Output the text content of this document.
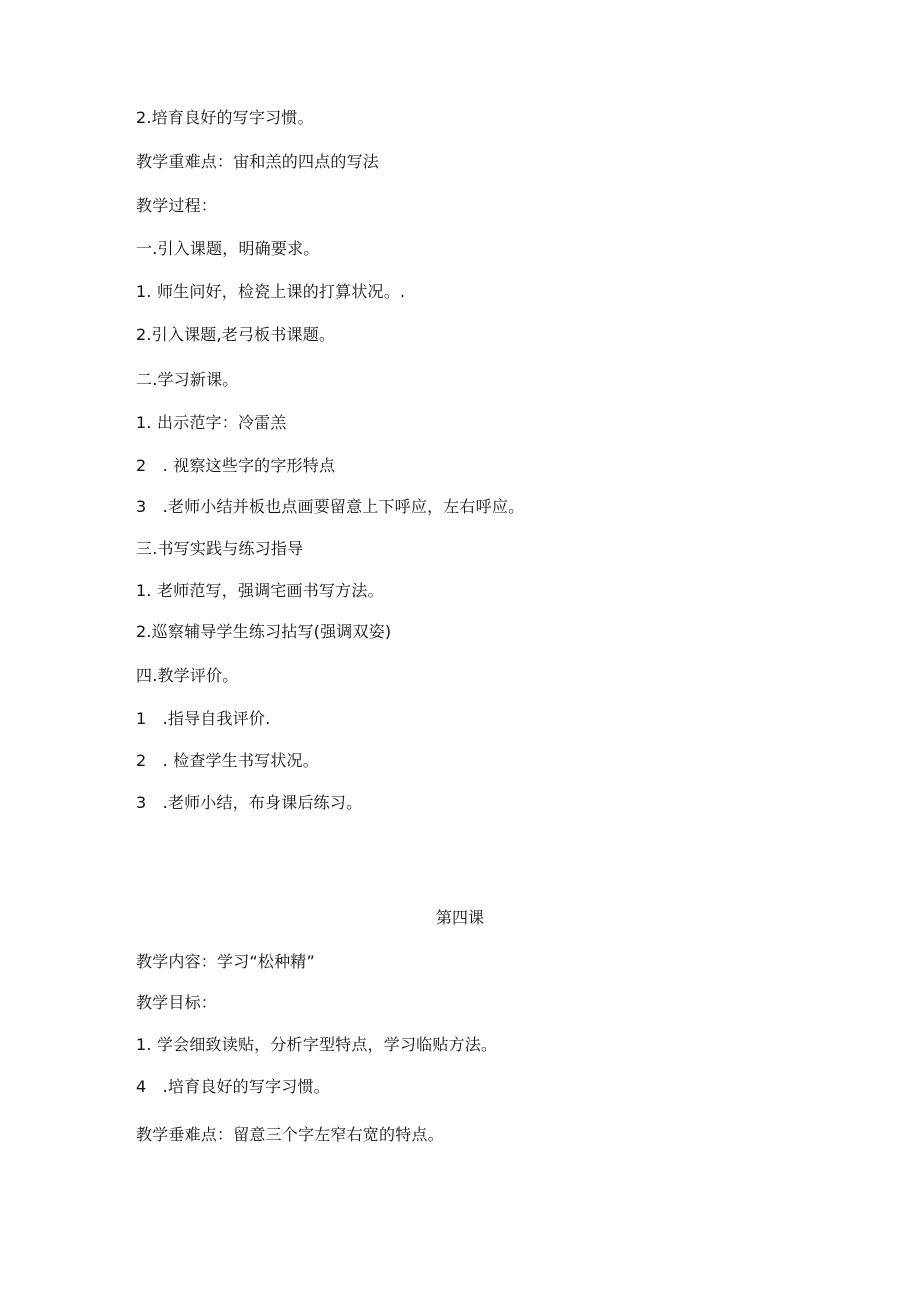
2.培育良好的写字习惯。
教学重难点：宙和羔的四点的写法
教学过程：
一.引入课题，明确要求。
1. 师生问好，检瓷上课的打算状况。.
2.引入课题,老弓板书课题。
二.学习新课。
1. 出示范字：冷雷羔
2　. 视察这些字的字形特点
3　.老师小结并板也点画要留意上下呼应，左右呼应。
三.书写实践与练习指导
1. 老师范写，强调宅画书写方法。
2.巡察辅导学生练习拈写(强调双姿)
四.教学评价。
1　.指导自我评价.
2　. 检查学生书写状况。
3　.老师小结，布身课后练习。
第四课
教学内容：学习“松种精”
教学目标：
1. 学会细致读贴，分析字型特点，学习临贴方法。
4　.培育良好的写字习惯。
教学垂难点：留意三个字左窄右宽的特点。
